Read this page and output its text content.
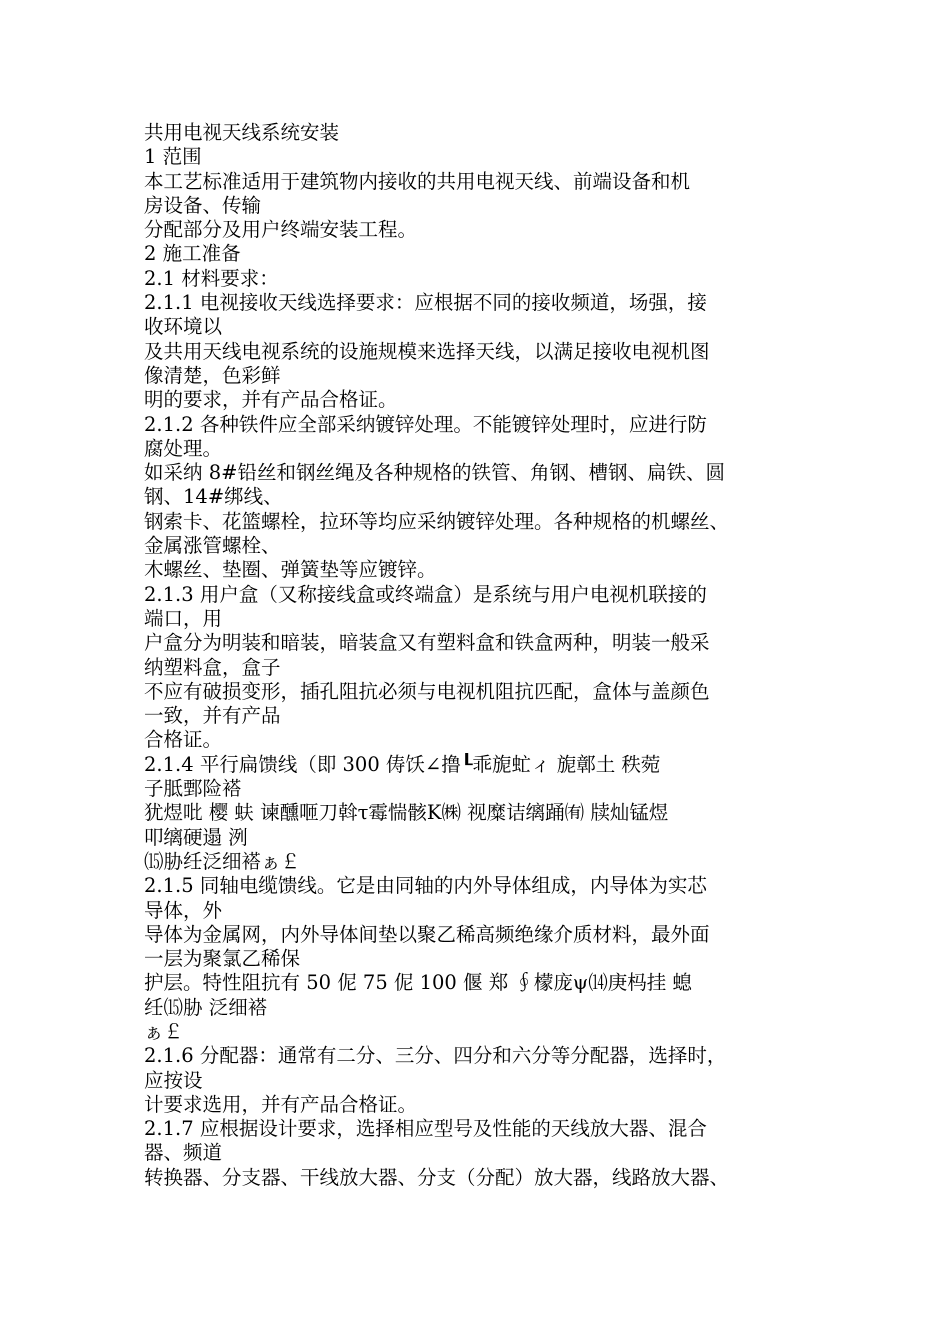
共用电视天线系统安装
1 范围
本工艺标准适用于建筑物内接收的共用电视天线、前端设备和机
房设备、传输
分配部分及用户终端安装工程。
2 施工准备
2.1 材料要求：
2.1.1 电视接收天线选择要求：应根据不同的接收频道，场强，接
收环境以
及共用天线电视系统的设施规模来选择天线，以满足接收电视机图
像清楚，色彩鲜
明的要求，并有产品合格证。
2.1.2 各种铁件应全部采纳镀锌处理。不能镀锌处理时，应进行防
腐处理。
如采纳 8#铅丝和钢丝绳及各种规格的铁管、角钢、槽钢、扁铁、圆
钢、14#绑线、
钢索卡、花篮螺栓，拉环等均应采纳镀锌处理。各种规格的机螺丝、
金属涨管螺栓、
木螺丝、垫圈、弹簧垫等应镀锌。
2.1.3 用户盒（又称接线盒或终端盒）是系统与用户电视机联接的
端口，用
户盒分为明装和暗装，暗装盒又有塑料盒和铁盒两种，明装一般采
纳塑料盒，盒子
不应有破损变形，插孔阻抗必须与电视机阻抗匹配，盒体与盖颜色
一致，并有产品
合格证。
2.1.4 平行扁馈线（即 300 俦饫∠撸┖乖旎虻ィ 旎鄣土 秩菀
子胝鄄险褡
犹煜吡 樱 蚨 谏醺咂刀斡τ霉惴骸Κ㈱ 视糜诘缡踊㈲ 牍灿锰煜
叩缡硬遢 洌
⒂胁纴泛细褡ぁ￡
2.1.5 同轴电缆馈线。它是由同轴的内外导体组成，内导体为实芯
导体，外
导体为金属网，内外导体间垫以聚乙稀高频绝缘介质材料，最外面
一层为聚氯乙稀保
护层。特性阻抗有 50 伲 75 伲 100 偃 郑 ∮檬庞ψ⒁庚杩挂 螅
纴⒂胁 泛细褡
ぁ￡
2.1.6 分配器：通常有二分、三分、四分和六分等分配器，选择时，
应按设
计要求选用，并有产品合格证。
2.1.7 应根据设计要求，选择相应型号及性能的天线放大器、混合
器、频道
转换器、分支器、干线放大器、分支（分配）放大器，线路放大器、
